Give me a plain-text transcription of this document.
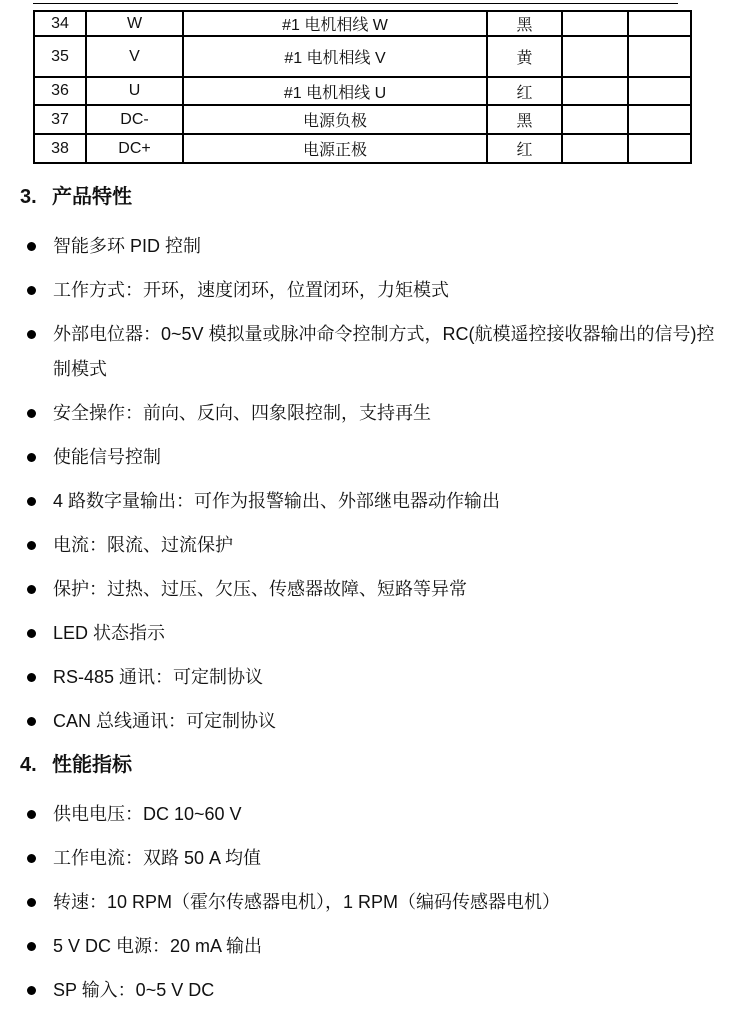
34	W	#1 电机相线 W	黑		
35	V	#1 电机相线 V	黄		
36	U	#1 电机相线 U	红		
37	DC-	电源负极	黑		
38	DC+	电源正极	红		
3. 产品特性
智能多环 PID 控制
工作方式：开环，速度闭环，位置闭环，力矩模式
外部电位器：0~5V 模拟量或脉冲命令控制方式，RC(航模遥控接收器输出的信号)控
制模式
安全操作：前向、反向、四象限控制，支持再生
使能信号控制
4 路数字量输出：可作为报警输出、外部继电器动作输出
电流：限流、过流保护
保护：过热、过压、欠压、传感器故障、短路等异常
LED 状态指示
RS-485 通讯：可定制协议
CAN 总线通讯：可定制协议
4. 性能指标
供电电压：DC 10~60 V
工作电流：双路 50 A 均值
转速：10 RPM（霍尔传感器电机），1 RPM（编码传感器电机）
5 V DC 电源：20 mA 输出
SP 输入：0~5 V DC
